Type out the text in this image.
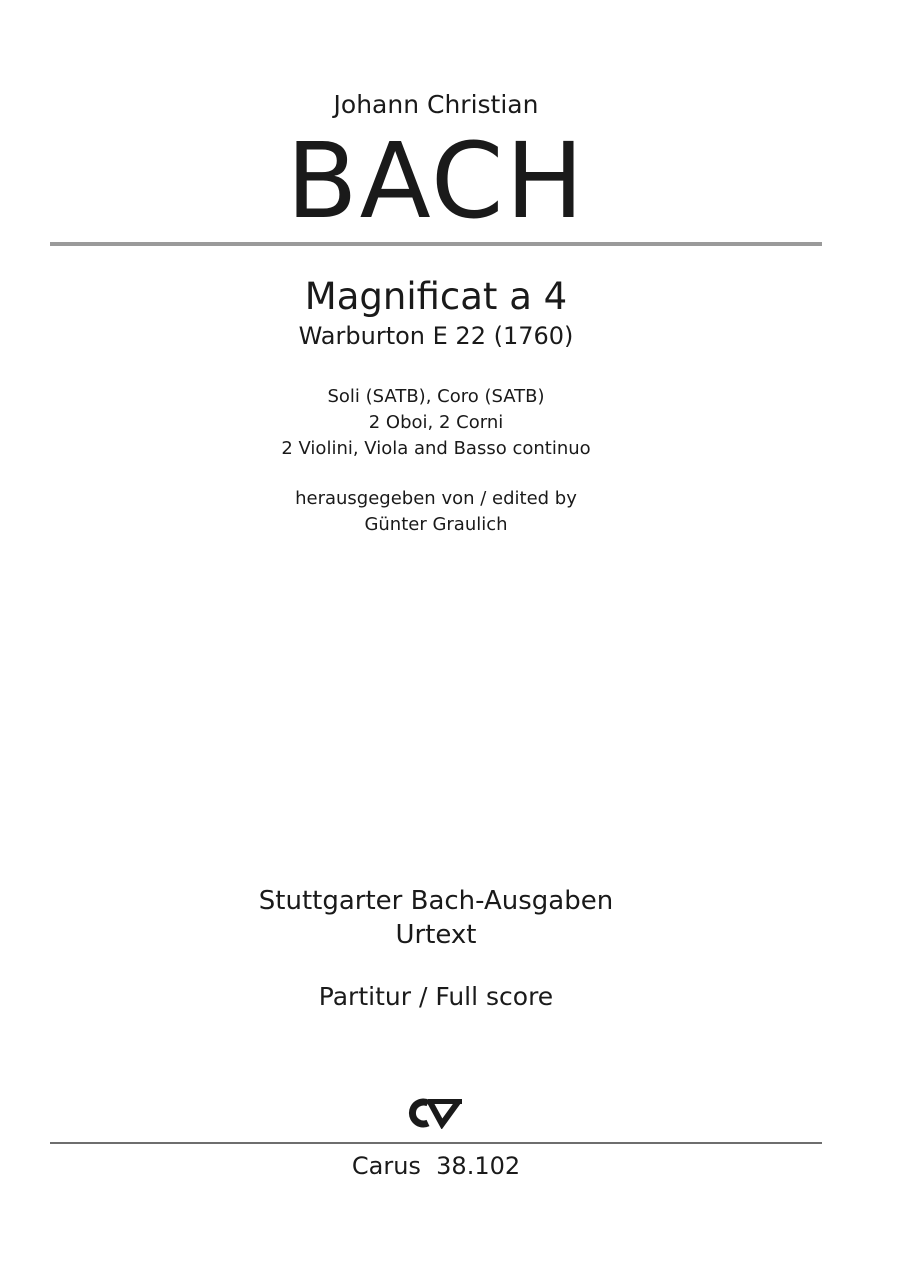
Johann Christian
BACH
Magnificat a 4
Warburton E 22 (1760)
Soli (SATB), Coro (SATB)
2 Oboi, 2 Corni
2 Violini, Viola and Basso continuo
herausgegeben von / edited by
Günter Graulich
Stuttgarter Bach-Ausgaben
Urtext
Partitur / Full score
Carus  38.102
